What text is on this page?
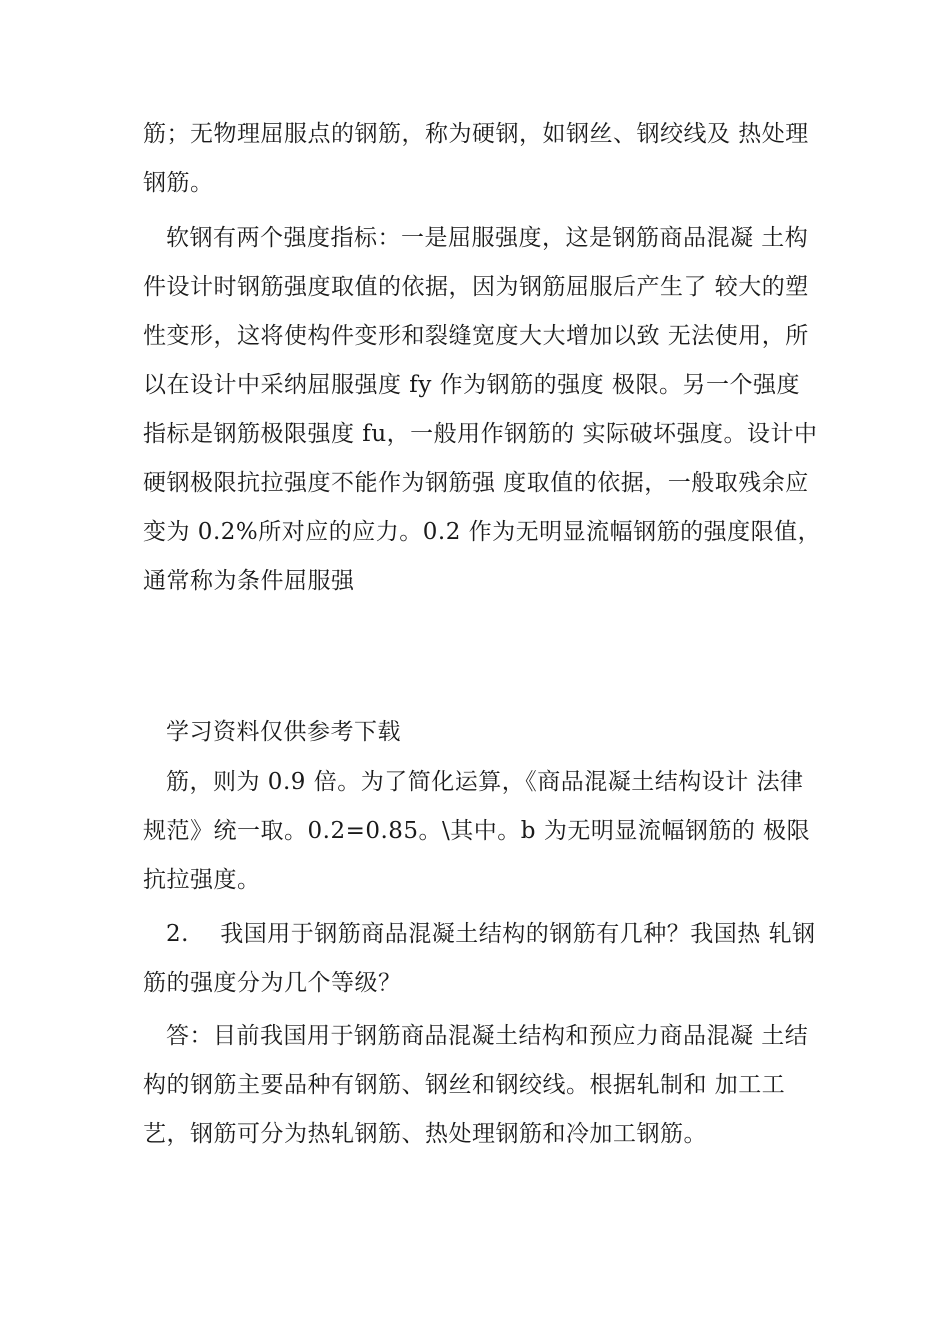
筋；无物理屈服点的钢筋，称为硬钢，如钢丝、钢绞线及 热处理
钢筋。
软钢有两个强度指标：一是屈服强度，这是钢筋商品混凝 土构
件设计时钢筋强度取值的依据，因为钢筋屈服后产生了 较大的塑
性变形，这将使构件变形和裂缝宽度大大增加以致 无法使用，所
以在设计中采纳屈服强度 fy 作为钢筋的强度 极限。另一个强度
指标是钢筋极限强度 fu，一般用作钢筋的 实际破坏强度。设计中
硬钢极限抗拉强度不能作为钢筋强 度取值的依据，一般取残余应
变为 0.2%所对应的应力。0.2 作为无明显流幅钢筋的强度限值，
通常称为条件屈服强
学习资料仅供参考下载
筋，则为 0.9 倍。为了简化运算，《商品混凝土结构设计 法律
规范》统一取。0.2=0.85。\其中。b 为无明显流幅钢筋的 极限
抗拉强度。
2.    我国用于钢筋商品混凝土结构的钢筋有几种？我国热 轧钢
筋的强度分为几个等级？
答：目前我国用于钢筋商品混凝土结构和预应力商品混凝 土结
构的钢筋主要品种有钢筋、钢丝和钢绞线。根据轧制和 加工工
艺，钢筋可分为热轧钢筋、热处理钢筋和冷加工钢筋。
